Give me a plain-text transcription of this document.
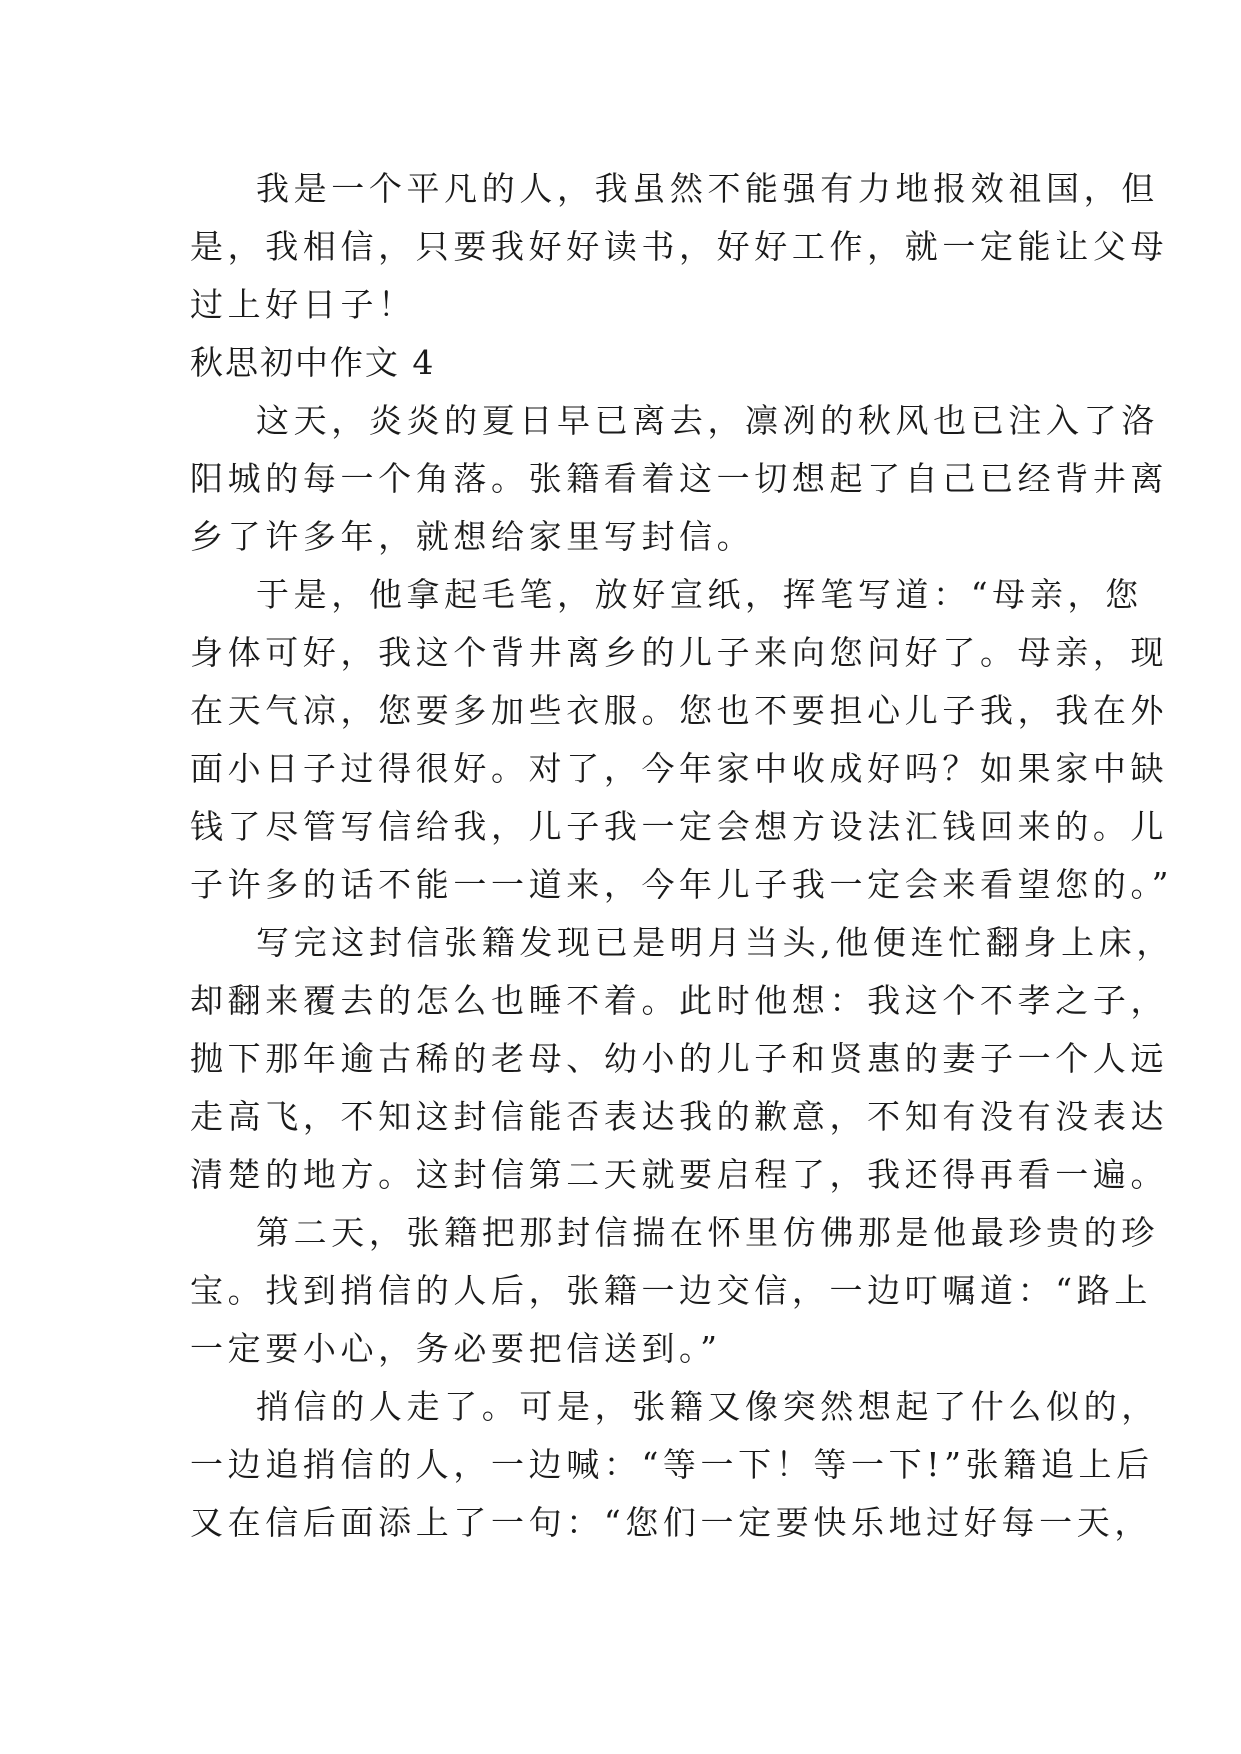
我是一个平凡的人，我虽然不能强有力地报效祖国，但
是，我相信，只要我好好读书，好好工作，就一定能让父母
过上好日子！
秋思初中作文 4
这天，炎炎的夏日早已离去，凛冽的秋风也已注入了洛
阳城的每一个角落。张籍看着这一切想起了自己已经背井离
乡了许多年，就想给家里写封信。
于是，他拿起毛笔，放好宣纸，挥笔写道：“母亲，您
身体可好，我这个背井离乡的儿子来向您问好了。母亲，现
在天气凉，您要多加些衣服。您也不要担心儿子我，我在外
面小日子过得很好。对了，今年家中收成好吗？如果家中缺
钱了尽管写信给我，儿子我一定会想方设法汇钱回来的。儿
子许多的话不能一一道来，今年儿子我一定会来看望您的。”
写完这封信张籍发现已是明月当头,他便连忙翻身上床，
却翻来覆去的怎么也睡不着。此时他想：我这个不孝之子，
抛下那年逾古稀的老母、幼小的儿子和贤惠的妻子一个人远
走高飞，不知这封信能否表达我的歉意，不知有没有没表达
清楚的地方。这封信第二天就要启程了，我还得再看一遍。
第二天，张籍把那封信揣在怀里仿佛那是他最珍贵的珍
宝。找到捎信的人后，张籍一边交信，一边叮嘱道：“路上
一定要小心，务必要把信送到。”
捎信的人走了。可是，张籍又像突然想起了什么似的，
一边追捎信的人，一边喊：“等一下！等一下!”张籍追上后
又在信后面添上了一句：“您们一定要快乐地过好每一天，
